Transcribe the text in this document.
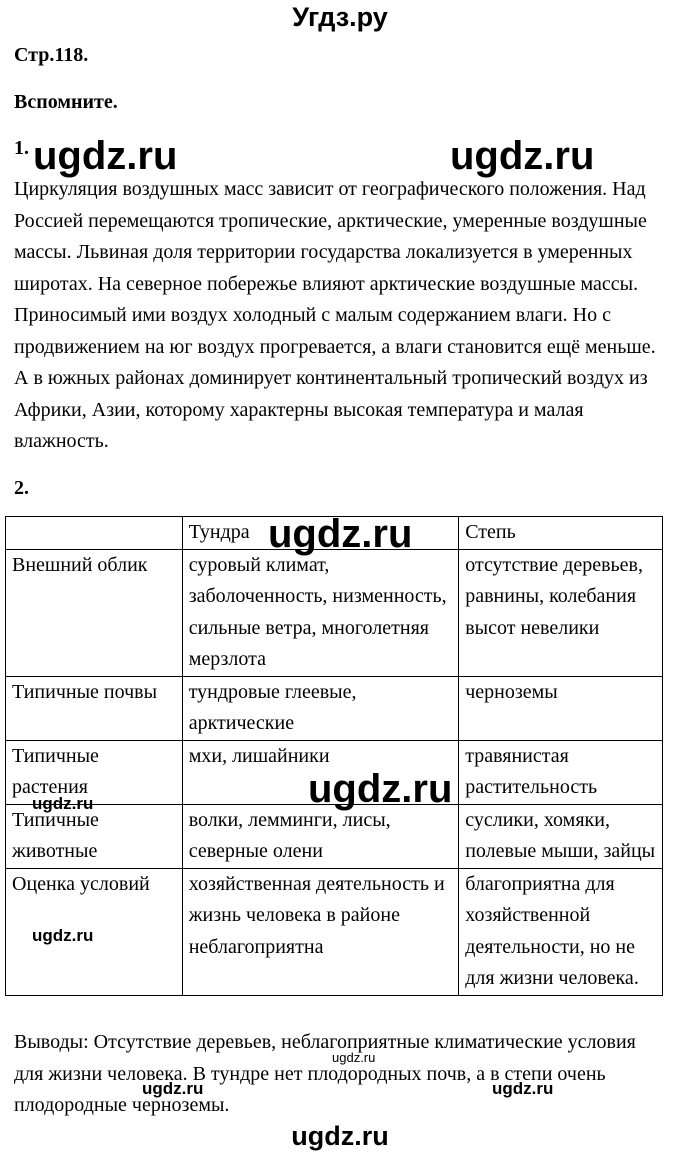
Угдз.ру
Стр.118.
Вспомните.
1.

Циркуляция воздушных масс зависит от географического положения. Над Россией перемещаются тропические, арктические, умеренные воздушные массы. Львиная доля территории государства локализуется в умеренных широтах. На северное побережье влияют арктические воздушные массы. Приносимый ими воздух холодный с малым содержанием влаги. Но с продвижением на юг воздух прогревается, а влаги становится ещё меньше. А в южных районах доминирует континентальный тропический воздух из Африки, Азии, которому характерны высокая температура и малая влажность.

2.
	Тундра	Степь
Внешний облик	суровый климат, заболоченность, низменность, сильные ветра, многолетняя мерзлота	отсутствие деревьев, равнины, колебания высот невелики
Типичные почвы	тундровые глеевые, арктические	черноземы
Типичные растения	мхи, лишайники	травянистая растительность
Типичные животные	волки, лемминги, лисы, северные олени	суслики, хомяки, полевые мыши, зайцы
Оценка условий	хозяйственная деятельность и жизнь человека в районе неблагоприятна	благоприятна для хозяйственной деятельности, но не для жизни человека.

Выводы: Отсутствие деревьев, неблагоприятные климатические условия для жизни человека. В тундре нет плодородных почв, а в степи очень плодородные черноземы.

ugdz.ru	ugdz.ru
ugdz.ru
ugdz.ru
ugdz.ru
ugdz.ru
ugdz.ru
ugdz.ru	ugdz.ru
ugdz.ru
